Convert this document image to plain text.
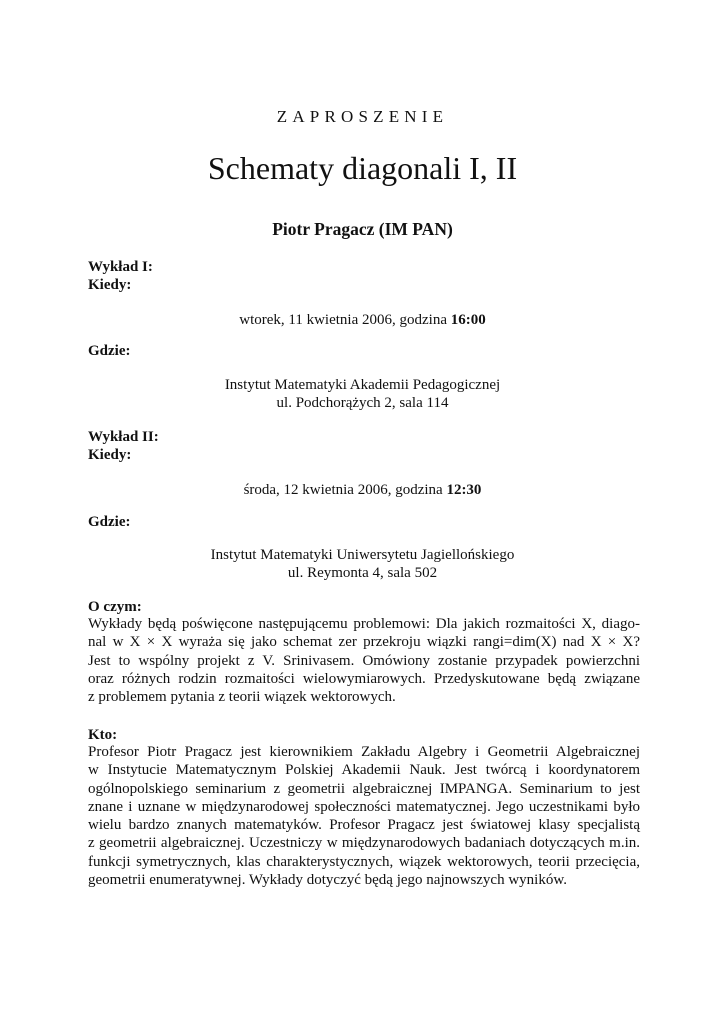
ZAPROSZENIE
Schematy diagonali I, II
Piotr Pragacz (IM PAN)
Wykład I:
Kiedy:
wtorek, 11 kwietnia 2006, godzina 16:00
Gdzie:
Instytut Matematyki Akademii Pedagogicznej
ul. Podchorążych 2, sala 114
Wykład II:
Kiedy:
środa, 12 kwietnia 2006, godzina 12:30
Gdzie:
Instytut Matematyki Uniwersytetu Jagiellońskiego
ul. Reymonta 4, sala 502
O czym:
Wykłady będą poświęcone następującemu problemowi: Dla jakich rozmaitości X, diago-
nal w X × X wyraża się jako schemat zer przekroju wiązki rangi=dim(X) nad X × X?
Jest to wspólny projekt z V. Srinivasem. Omówiony zostanie przypadek powierzchni
oraz różnych rodzin rozmaitości wielowymiarowych. Przedyskutowane będą związane
z problemem pytania z teorii wiązek wektorowych.
Kto:
Profesor Piotr Pragacz jest kierownikiem Zakładu Algebry i Geometrii Algebraicznej
w Instytucie Matematycznym Polskiej Akademii Nauk. Jest twórcą i koordynatorem
ogólnopolskiego seminarium z geometrii algebraicznej IMPANGA. Seminarium to jest
znane i uznane w międzynarodowej społeczności matematycznej. Jego uczestnikami było
wielu bardzo znanych matematyków. Profesor Pragacz jest światowej klasy specjalistą
z geometrii algebraicznej. Uczestniczy w międzynarodowych badaniach dotyczących m.in.
funkcji symetrycznych, klas charakterystycznych, wiązek wektorowych, teorii przecięcia,
geometrii enumeratywnej. Wykłady dotyczyć będą jego najnowszych wyników.
